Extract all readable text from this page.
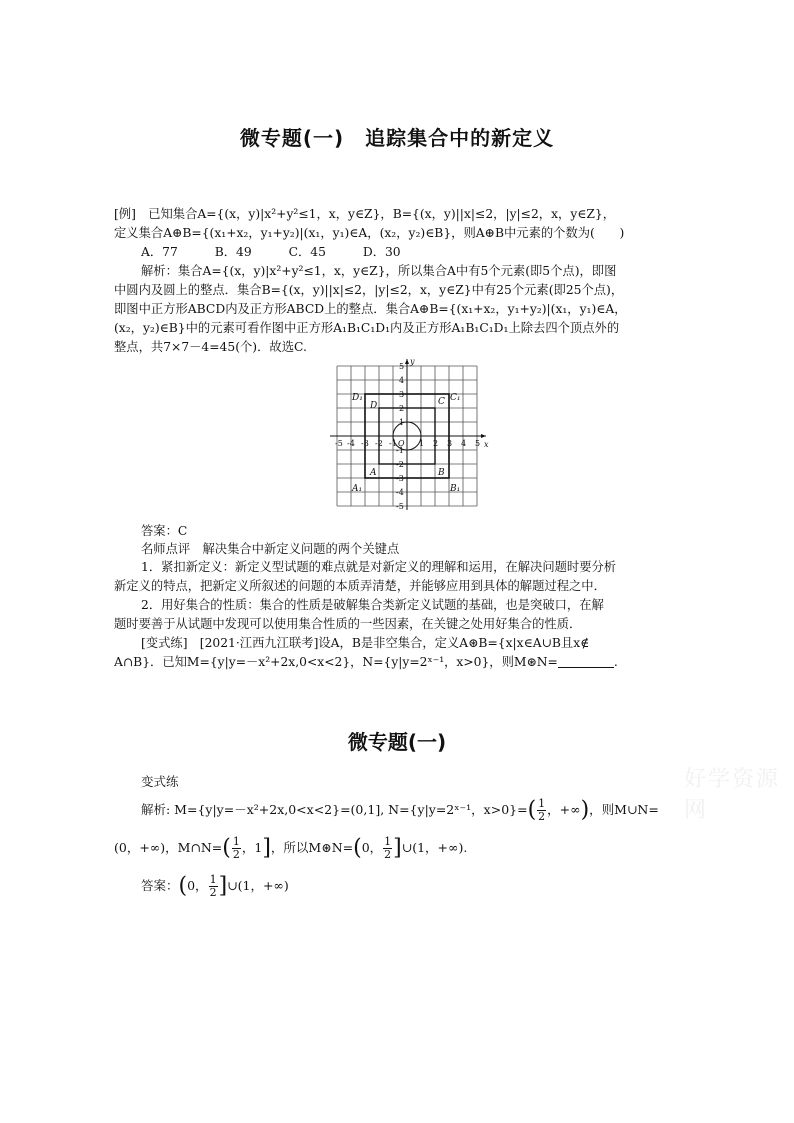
微专题(一)　追踪集合中的新定义
[例]　已知集合A={(x，y)|x²+y²≤1，x，y∈Z}，B={(x，y)||x|≤2，|y|≤2，x，y∈Z}，
定义集合A⊕B={(x₁+x₂，y₁+y₂)|(x₁，y₁)∈A，(x₂，y₂)∈B}，则A⊕B中元素的个数为(　　)
A．77　　　B．49　　　C．45　　　D．30
解析：集合A={(x，y)|x²+y²≤1，x，y∈Z}，所以集合A中有5个元素(即5个点)，即图
中圆内及圆上的整点．集合B={(x，y)||x|≤2，|y|≤2，x，y∈Z}中有25个元素(即25个点)，
即图中正方形ABCD内及正方形ABCD上的整点．集合A⊕B={(x₁+x₂，y₁+y₂)|(x₁，y₁)∈A，
(x₂，y₂)∈B}中的元素可看作图中正方形A₁B₁C₁D₁内及正方形A₁B₁C₁D₁上除去四个顶点外的
整点，共7×7－4=45(个)．故选C.
-5 -4 -3 -2 -1	1 2 3 4 5
5
4
3
2
1
-1
-2
-3
-4
-5
x
y
O
A	B
C
D
A₁	B₁
C₁
D₁
答案：C
名师点评　解决集合中新定义问题的两个关键点
1．紧扣新定义：新定义型试题的难点就是对新定义的理解和运用，在解决问题时要分析
新定义的特点，把新定义所叙述的问题的本质弄清楚，并能够应用到具体的解题过程之中．
2．用好集合的性质：集合的性质是破解集合类新定义试题的基础，也是突破口，在解
题时要善于从试题中发现可以使用集合性质的一些因素，在关键之处用好集合的性质．
[变式练]　[2021·江西九江联考]设A，B是非空集合，定义A⊛B={x|x∈A∪B且x∉
A∩B}．已知M={y|y=－x²+2x,0<x<2}，N={y|y=2ˣ⁻¹，x>0}，则M⊛N=	.
微专题(一)
变式练
解析: M={y|y=－x²+2x,0<x<2}=(0,1], N={y|y=2ˣ⁻¹，$x>0\}=( \frac{1}{2}$ ，+∞)，则M∪N=
(0，+∞)，M∩N=( $\frac{1}{2}$ ，1]，所以M⊛N=(0， $\frac{1}{2}$ ]∪(1，+∞).
答案：(0， $\frac{1}{2}$ ]∪(1，+∞)
好学资源网
